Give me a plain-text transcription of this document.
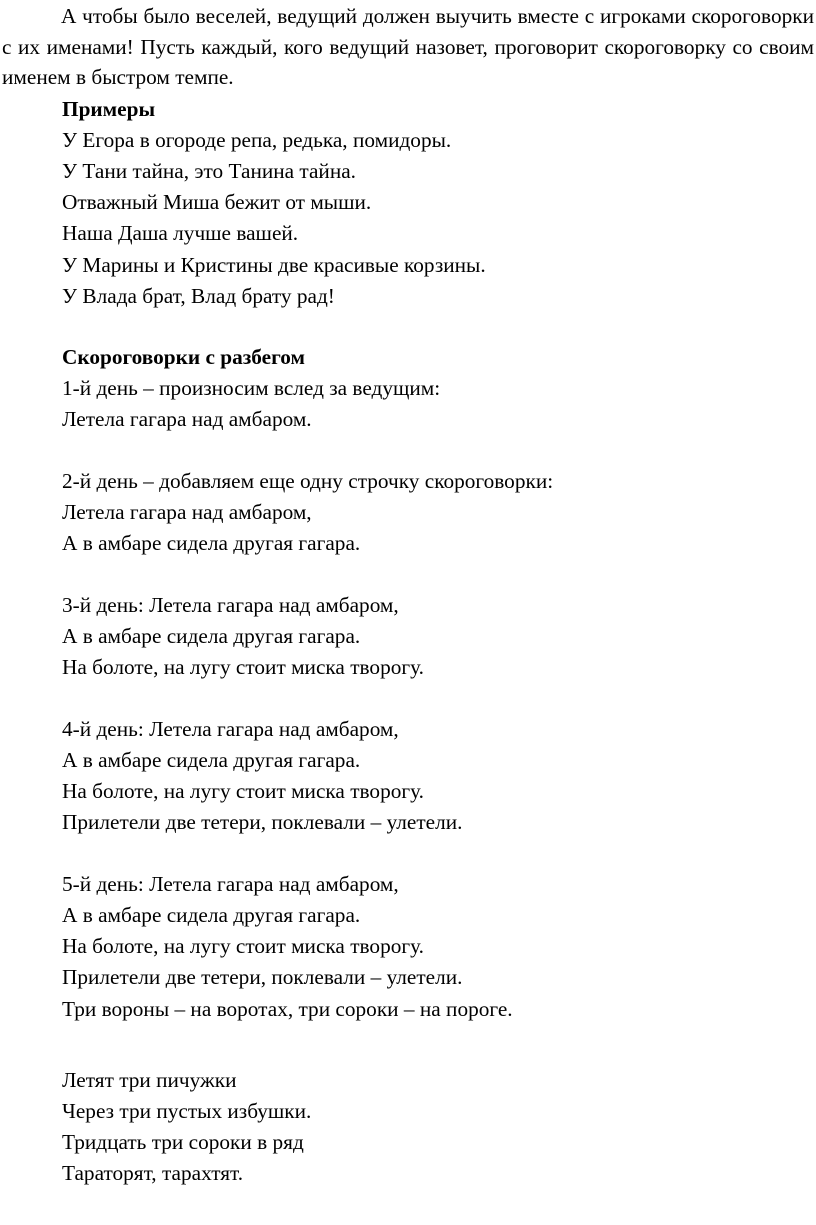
А чтобы было веселей, ведущий должен выучить вместе с игроками скороговорки с их именами! Пусть каждый, кого ведущий назовет, проговорит скороговорку со своим именем в быстром темпе.

Примеры

У Егора в огороде репа, редька, помидоры.

У Тани тайна, это Танина тайна.

Отважный Миша бежит от мыши.

Наша Даша лучше вашей.

У Марины и Кристины две красивые корзины.

У Влада брат, Влад брату рад!

Скороговорки с разбегом

1-й день – произносим вслед за ведущим:

Летела гагара над амбаром.

2-й день – добавляем еще одну строчку скороговорки:

Летела гагара над амбаром,

А в амбаре сидела другая гагара.

3-й день: Летела гагара над амбаром,

А в амбаре сидела другая гагара.

На болоте, на лугу стоит миска творогу.

4-й день: Летела гагара над амбаром,

А в амбаре сидела другая гагара.

На болоте, на лугу стоит миска творогу.

Прилетели две тетери, поклевали – улетели.

5-й день: Летела гагара над амбаром,

А в амбаре сидела другая гагара.

На болоте, на лугу стоит миска творогу.

Прилетели две тетери, поклевали – улетели.

Три вороны – на воротах, три сороки – на пороге.

Летят три пичужки

Через три пустых избушки.

Тридцать три сороки в ряд

Тараторят, тарахтят.
